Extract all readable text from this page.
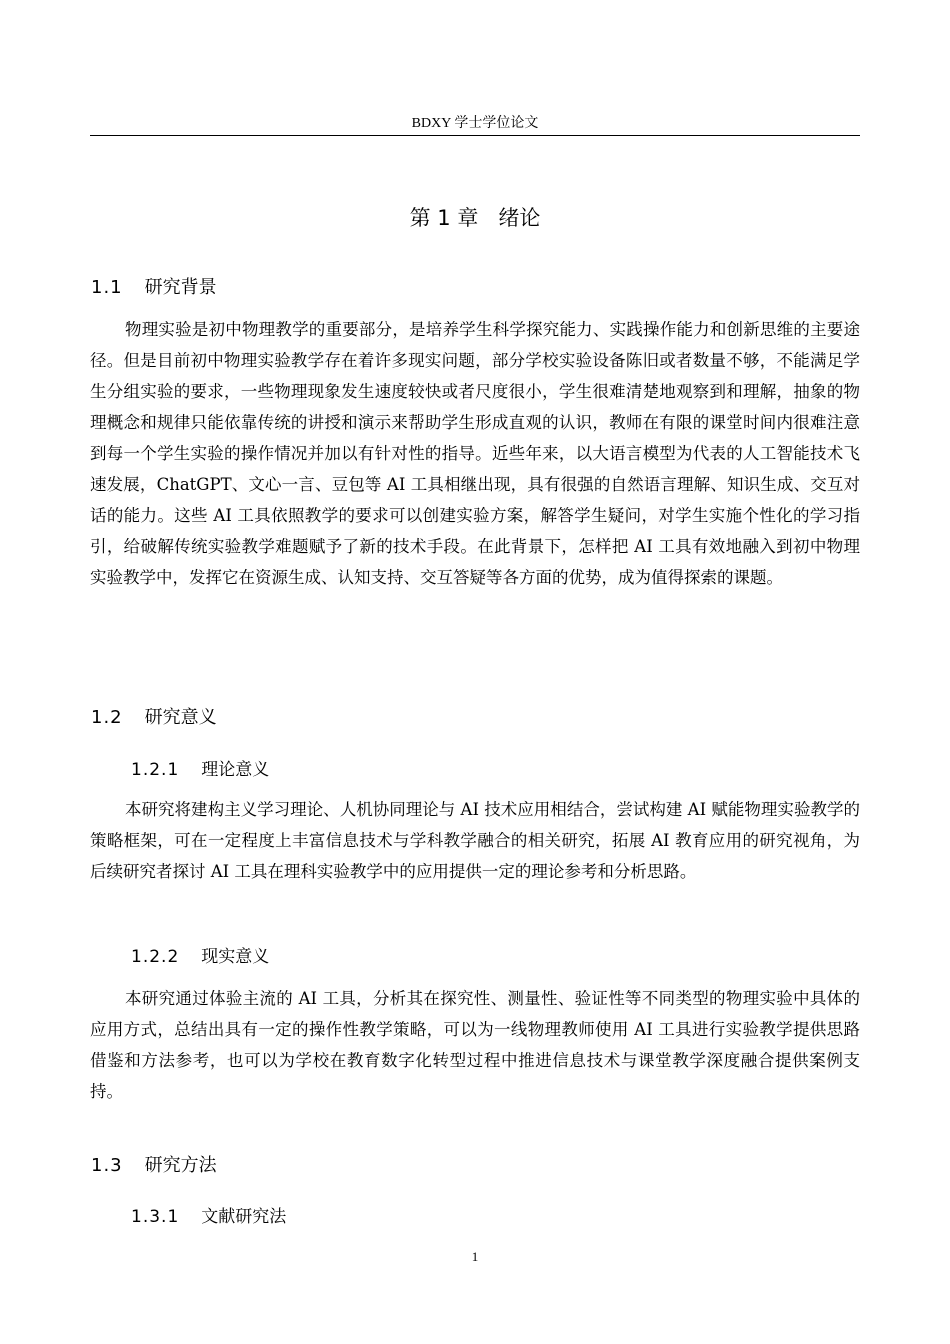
BDXY 学士学位论文
第 1 章   绪论
1.1 研究背景

物理实验是初中物理教学的重要部分，是培养学生科学探究能力、实践操作能力和创新思维的主要途径。但是目前初中物理实验教学存在着许多现实问题，部分学校实验设备陈旧或者数量不够，不能满足学生分组实验的要求，一些物理现象发生速度较快或者尺度很小，学生很难清楚地观察到和理解，抽象的物理概念和规律只能依靠传统的讲授和演示来帮助学生形成直观的认识，教师在有限的课堂时间内很难注意到每一个学生实验的操作情况并加以有针对性的指导。近些年来，以大语言模型为代表的人工智能技术飞速发展，ChatGPT、文心一言、豆包等 AI 工具相继出现，具有很强的自然语言理解、知识生成、交互对话的能力。这些 AI 工具依照教学的要求可以创建实验方案，解答学生疑问，对学生实施个性化的学习指引，给破解传统实验教学难题赋予了新的技术手段。在此背景下，怎样把 AI 工具有效地融入到初中物理实验教学中，发挥它在资源生成、认知支持、交互答疑等各方面的优势，成为值得探索的课题。

1.2 研究意义
1.2.1 理论意义

本研究将建构主义学习理论、人机协同理论与 AI 技术应用相结合，尝试构建 AI 赋能物理实验教学的策略框架，可在一定程度上丰富信息技术与学科教学融合的相关研究，拓展 AI 教育应用的研究视角，为后续研究者探讨 AI 工具在理科实验教学中的应用提供一定的理论参考和分析思路。

1.2.2 现实意义

本研究通过体验主流的 AI 工具，分析其在探究性、测量性、验证性等不同类型的物理实验中具体的应用方式，总结出具有一定的操作性教学策略，可以为一线物理教师使用 AI 工具进行实验教学提供思路借鉴和方法参考，也可以为学校在教育数字化转型过程中推进信息技术与课堂教学深度融合提供案例支持。

1.3 研究方法
1.3.1 文献研究法
1
